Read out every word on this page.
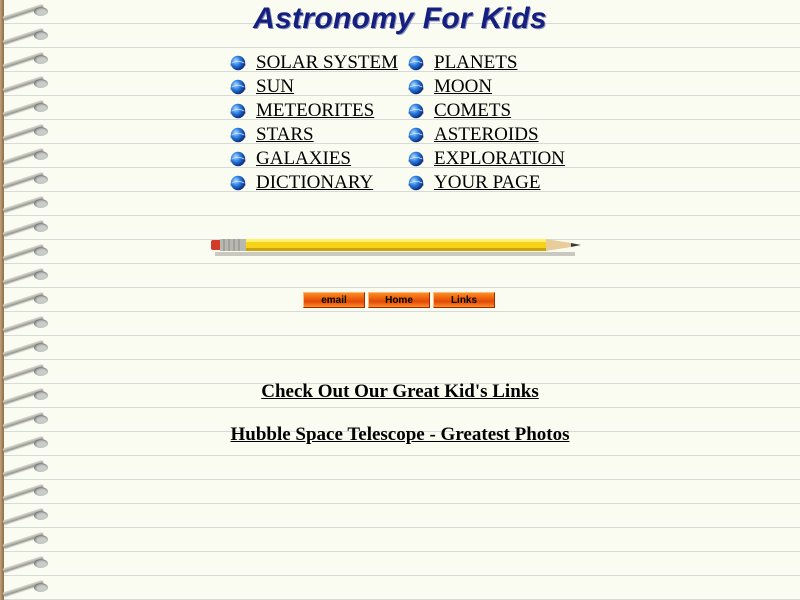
Astronomy For Kids
SOLAR SYSTEM
SUN
METEORITES
STARS
GALAXIES
DICTIONARY
PLANETS
MOON
COMETS
ASTEROIDS
EXPLORATION
YOUR PAGE
email	Home	Links
Check Out Our Great Kid's Links
Hubble Space Telescope - Greatest Photos
